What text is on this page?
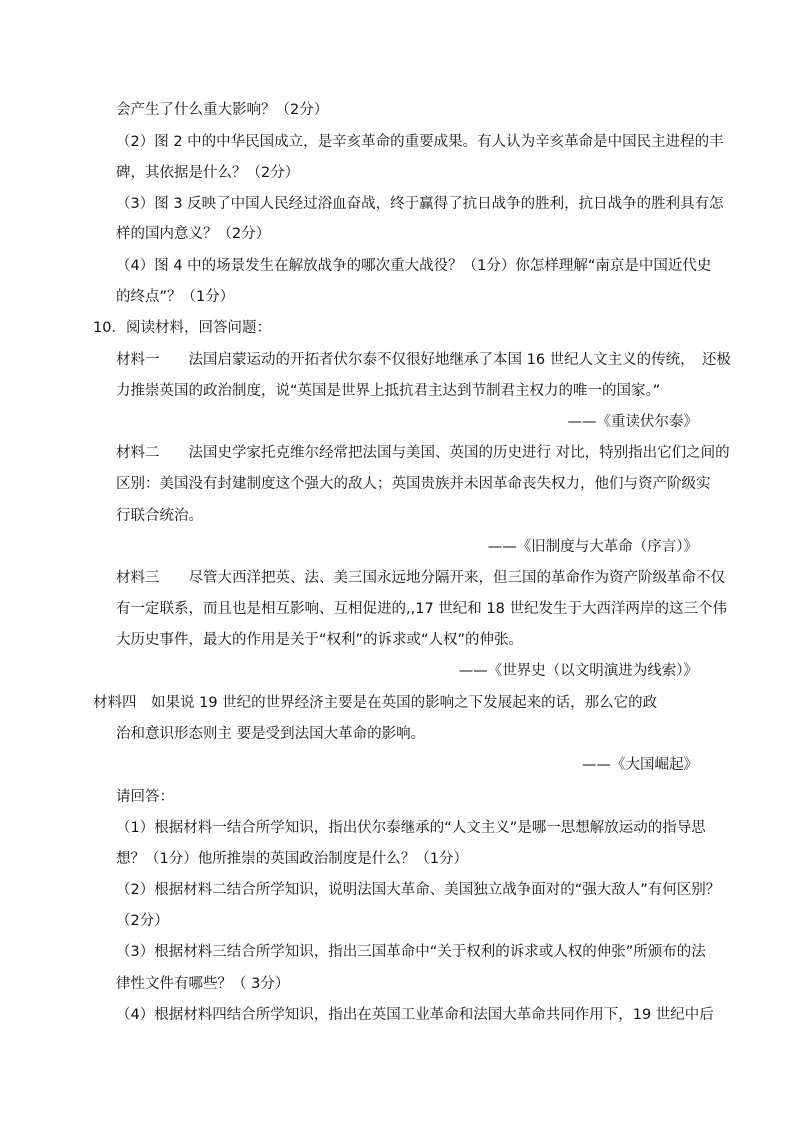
会产生了什么重大影响？（2分）
（2）图 2 中的中华民国成立，是辛亥革命的重要成果。有人认为辛亥革命是中国民主进程的丰
碑，其依据是什么？（2分）
（3）图 3 反映了中国人民经过浴血奋战，终于赢得了抗日战争的胜利，抗日战争的胜利具有怎
样的国内意义？（2分）
（4）图 4 中的场景发生在解放战争的哪次重大战役？（1分）你怎样理解“南京是中国近代史
的终点”？（1分）
10．阅读材料，回答问题：
材料一　　法国启蒙运动的开拓者伏尔泰不仅很好地继承了本国 16 世纪人文主义的传统，　还极
力推崇英国的政治制度，说“英国是世界上抵抗君主达到节制君主权力的唯一的国家。”
——《重读伏尔泰》
材料二　　法国史学家托克维尔经常把法国与美国、英国的历史进行 对比，特别指出它们之间的
区别：美国没有封建制度这个强大的敌人；英国贵族并未因革命丧失权力，他们与资产阶级实
行联合统治。
——《旧制度与大革命（序言）》
材料三　　尽管大西洋把英、法、美三国永远地分隔开来，但三国的革命作为资产阶级革命不仅
有一定联系，而且也是相互影响、互相促进的,,17 世纪和 18 世纪发生于大西洋两岸的这三个伟
大历史事件，最大的作用是关于“权利”的诉求或“人权”的伸张。
——《世界史（以文明演进为线索）》
材料四　如果说 19 世纪的世界经济主要是在英国的影响之下发展起来的话，那么它的政
治和意识形态则主 要是受到法国大革命的影响。
——《大国崛起》
请回答：
（1）根据材料一结合所学知识，指出伏尔泰继承的“人文主义”是哪一思想解放运动的指导思
想？（1分）他所推崇的英国政治制度是什么？（1分）
（2）根据材料二结合所学知识，说明法国大革命、美国独立战争面对的“强大敌人”有何区别？
（2分）
（3）根据材料三结合所学知识，指出三国革命中“关于权利的诉求或人权的伸张”所颁布的法
律性文件有哪些？（ 3分）
（4）根据材料四结合所学知识，指出在英国工业革命和法国大革命共同作用下，19 世纪中后
